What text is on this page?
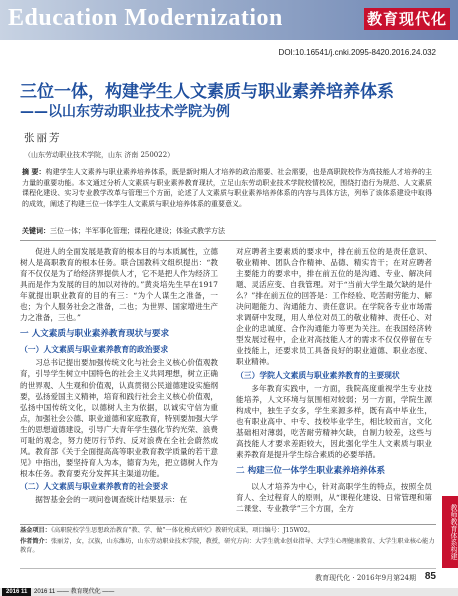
Education Modernization	教育现代化
DOI:10.16541/j.cnki.2095-8420.2016.24.032
三位一体，构建学生人文素质与职业素养培养体系
——以山东劳动职业技术学院为例
张丽芳
（山东劳动职业技术学院，山东 济南 250022）
摘 要：构建学生人文素养与职业素养培养体系，既是新时期人才培养的政治需要、社会需要，也是高职院校作为高技能人才培养的主力量的重要功能。本文通过分析人文素质与职业素养教育现状，立足山东劳动职业技术学院校情校况，围绕打造行为规范、人文素质课程化建设、实习专业教学改革与管理三个方面，论述了人文素质与职业素养培养体系的内容与具体方法，列举了该体系建设中取得的成效，阐述了构建三位一体学生人文素质与职业培养体系的重要意义。
关键词：三位一体；半军事化管理；课程化建设；体验式教学方法

促进人的全面发展是教育的根本目的与本质属性，立德树人是高职教育的根本任务。联合国教科文组织提出：“教育不仅仅是为了给经济界提供人才，它不是把人作为经济工具而是作为发展的目的加以对待的。”黄炎培先生早在1917年就提出职业教育的目的有三：“为个人谋生之准备，一也；为个人服务社会之准备，二也；为世界、国家增进生产力之准备，三也。”

一 人文素质与职业素养教育现状与要求
（一）人文素质与职业素养教育的政治要求

习总书记提出要加强传统文化与社会主义核心价值观教育，引导学生树立中国特色的社会主义共同理想，树立正确的世界观、人生观和价值观，认真贯彻公民道德建设实施纲要，弘扬爱国主义精神，培育和践行社会主义核心价值观，弘扬中国传统文化，以德树人主为依据，以诚实守信为重点，加强社会公德、职业道德和家庭教育，特别要加强大学生的思想道德建设，引导广大青年学生强化节约光荣、浪费可耻的观念，努力使厉行节约、反对浪费在全社会蔚然成风。教育部《关于全面提高高等职业教育教学质量的若干意见》中指出，要坚持育人为本，德育为先，把立德树人作为根本任务。教育要充分发挥其主渠道功能。

（二）人文素质与职业素养教育的社会要求

据智基金会的一项问卷调查统计结果显示：在

对应聘者主要素质的要求中，排在前五位的是责任意识、敬业精神、团队合作精神、品德、精实肯干；在对应聘者主要能力的要求中，排在前五位的是沟通、专业、解决问题、灵活应变、自我管理。对于“当前大学生最欠缺的是什么？”排在前五位的回答是：工作经验、吃苦耐劳能力、解决问题能力、沟通能力、责任意识。在学院各专业市场需求调研中发现，用人单位对员工的敬业精神、责任心、对企业的忠诚度、合作沟通能力等更为关注。在我国经济转型发展过程中，企业对高技能人才的需求不仅仅停留在专业技能上，还要求员工具备良好的职业道德、职业态度、职业精神。

（三）学院人文素质与职业素养教育的主要现状

多年教育实践中，一方面，我院高度重视学生专业技能培养，人文环境与氛围相对较弱；另一方面，学院生源构成中，独生子女多，学生来源多样，既有高中毕业生，也有职业高中、中专、技校毕业学生，相比较而言，文化基础相对薄弱，吃苦耐劳精神欠缺，自制力较差，这些与高技能人才要求差距较大，因此强化学生人文素质与职业素养教育是提升学生综合素质的必要举措。

二 构建三位一体学生职业素养培养体系

以人才培养为中心，针对高职学生的特点，按照全员育人、全过程育人的原则，从“课程化建设、日常管理和第二课堂、专业教学”三个方面，全方	教师教育体系构建
基金项目：《高职院校学生思想政治教育“教、学、做”一体化模式研究》教研究成果，项目编号：J15W02。
作者简介：张丽芳，女，汉族，山东潍坊，山东劳动职业技术学院，教授，研究方向：大学生就业创业指导、大学生心理健康教育、大学生职业核心能力教育。
教育现代化 · 2016年9月第24期 85
2016 11	2016 11 —— 教育现代化 ——
